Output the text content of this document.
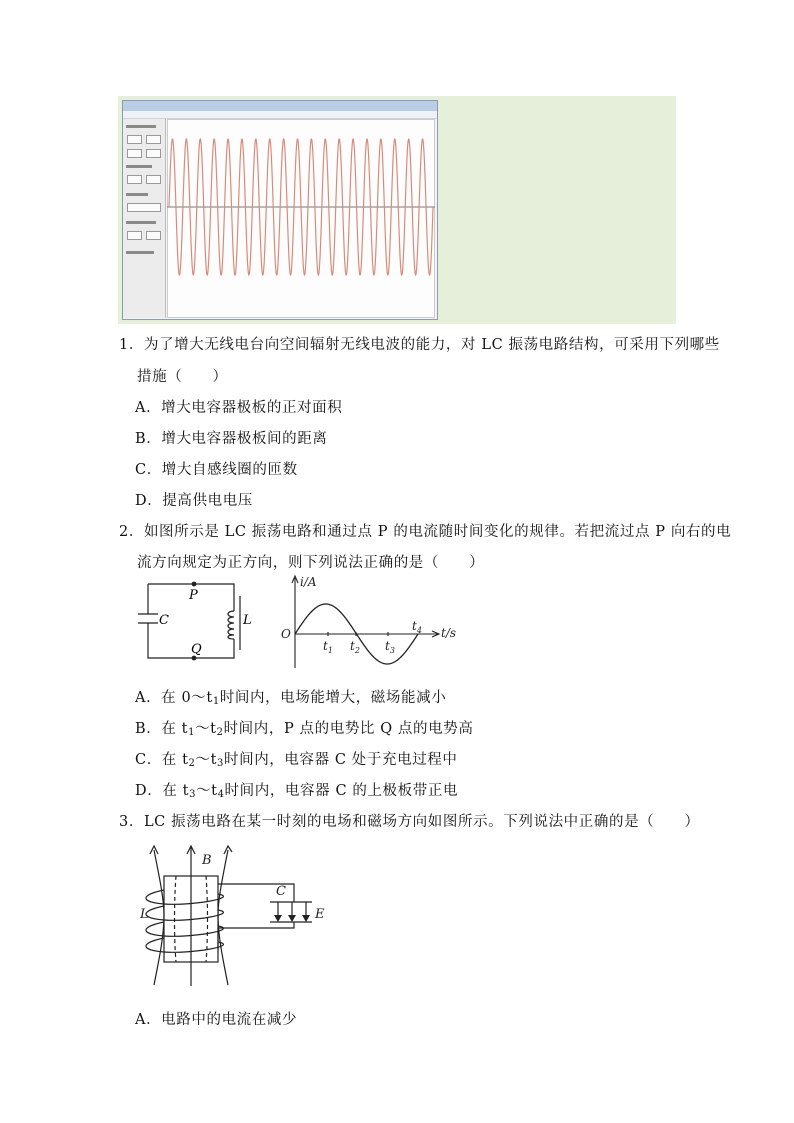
1．为了增大无线电台向空间辐射无线电波的能力，对 LC 振荡电路结构，可采用下列哪些
措施（　　）
A．增大电容器极板的正对面积
B．增大电容器极板间的距离
C．增大自感线圈的匝数
D．提高供电电压
2．如图所示是 LC 振荡电路和通过点 P 的电流随时间变化的规律。若把流过点 P 向右的电
流方向规定为正方向，则下列说法正确的是（　　）
P
Q
C	L
i/A
t/s
O
$t_1$ $t_2$ $t_3$
$t_4$
A．在 $0\sim t_1$时间内，电场能增大，磁场能减小
B．在 $t_1\sim t_2$时间内，P 点的电势比 Q 点的电势高
C．在 $t_2\sim t_3$时间内，电容器 C 处于充电过程中
D．在 $t_3\sim t_4$时间内，电容器 C 的上极板带正电
3．LC 振荡电路在某一时刻的电场和磁场方向如图所示。下列说法中正确的是（　　）
B
L
C
E
A．电路中的电流在减少
